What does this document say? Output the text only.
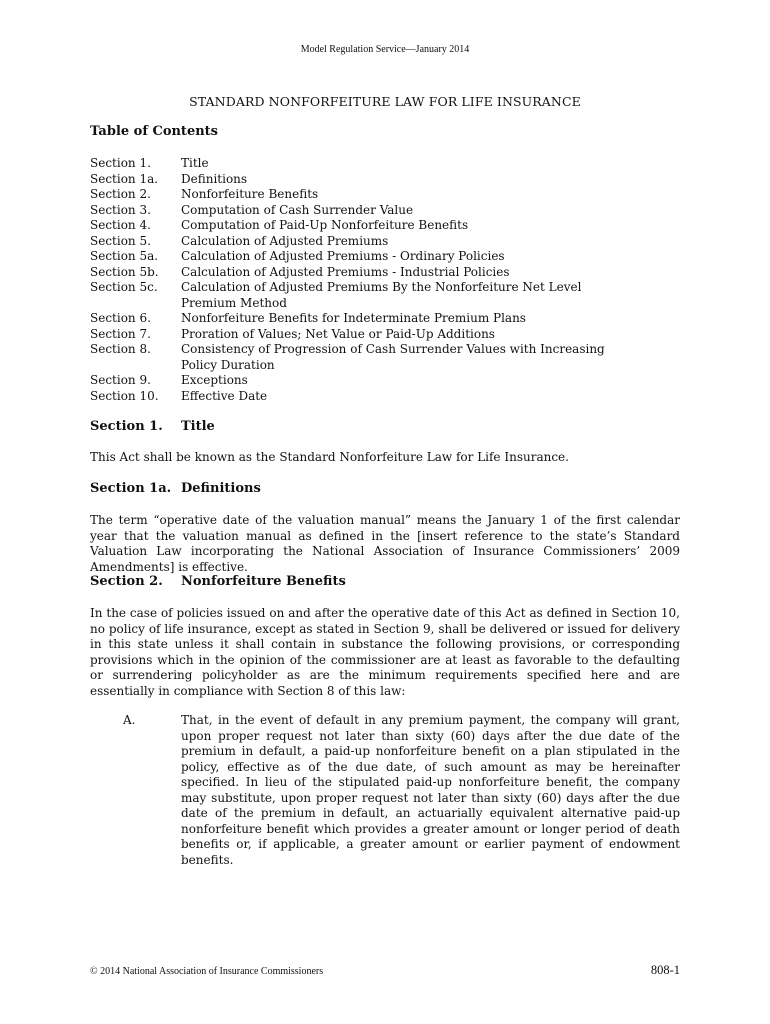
Model Regulation Service—January 2014
STANDARD NONFORFEITURE LAW FOR LIFE INSURANCE
Table of Contents
Section 1.	Title
Section 1a.	Definitions
Section 2.	Nonforfeiture Benefits
Section 3.	Computation of Cash Surrender Value
Section 4.	Computation of Paid-Up Nonforfeiture Benefits
Section 5.	Calculation of Adjusted Premiums
Section 5a.	Calculation of Adjusted Premiums - Ordinary Policies
Section 5b.	Calculation of Adjusted Premiums - Industrial Policies
Section 5c.	Calculation of Adjusted Premiums By the Nonforfeiture Net Level Premium Method
Section 6.	Nonforfeiture Benefits for Indeterminate Premium Plans
Section 7.	Proration of Values; Net Value or Paid-Up Additions
Section 8.	Consistency of Progression of Cash Surrender Values with Increasing Policy Duration
Section 9.	Exceptions
Section 10.	Effective Date
Section 1.	Title
This Act shall be known as the Standard Nonforfeiture Law for Life Insurance.
Section 1a. Definitions
The term “operative date of the valuation manual” means the January 1 of the first calendar year that the valuation manual as defined in the [insert reference to the state’s Standard Valuation Law incorporating the National Association of Insurance Commissioners’ 2009 Amendments] is effective.
Section 2.	Nonforfeiture Benefits
In the case of policies issued on and after the operative date of this Act as defined in Section 10, no policy of life insurance, except as stated in Section 9, shall be delivered or issued for delivery in this state unless it shall contain in substance the following provisions, or corresponding provisions which in the opinion of the commissioner are at least as favorable to the defaulting or surrendering policyholder as are the minimum requirements specified here and are essentially in compliance with Section 8 of this law:
A.	That, in the event of default in any premium payment, the company will grant, upon proper request not later than sixty (60) days after the due date of the premium in default, a paid-up nonforfeiture benefit on a plan stipulated in the policy, effective as of the due date, of such amount as may be hereinafter specified. In lieu of the stipulated paid-up nonforfeiture benefit, the company may substitute, upon proper request not later than sixty (60) days after the due date of the premium in default, an actuarially equivalent alternative paid-up nonforfeiture benefit which provides a greater amount or longer period of death benefits or, if applicable, a greater amount or earlier payment of endowment benefits.
© 2014 National Association of Insurance Commissioners	808-1
